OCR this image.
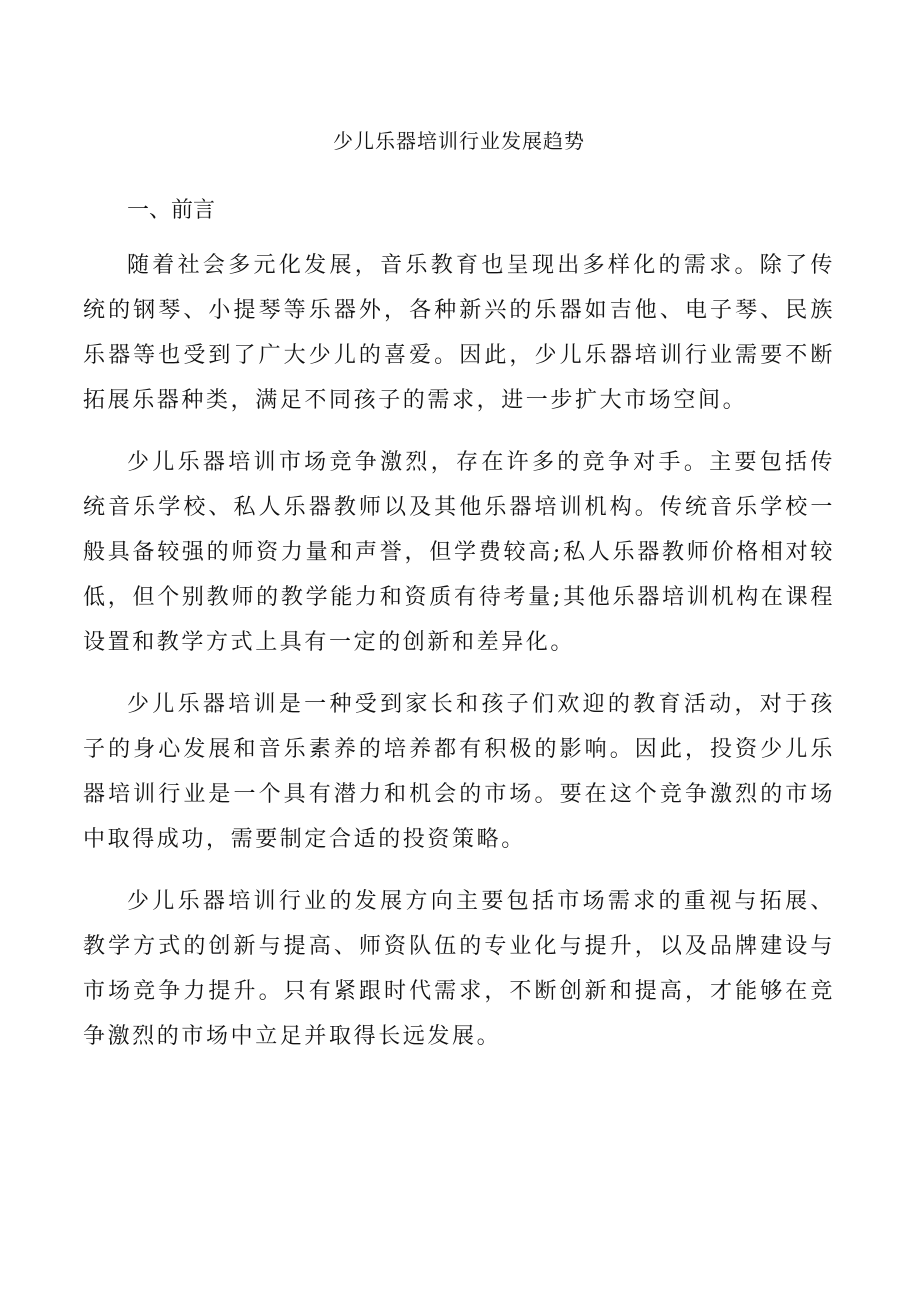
少儿乐器培训行业发展趋势
一、前言

随着社会多元化发展，音乐教育也呈现出多样化的需求。除了传统的钢琴、小提琴等乐器外，各种新兴的乐器如吉他、电子琴、民族乐器等也受到了广大少儿的喜爱。因此，少儿乐器培训行业需要不断拓展乐器种类，满足不同孩子的需求，进一步扩大市场空间。

少儿乐器培训市场竞争激烈，存在许多的竞争对手。主要包括传统音乐学校、私人乐器教师以及其他乐器培训机构。传统音乐学校一般具备较强的师资力量和声誉，但学费较高;私人乐器教师价格相对较低，但个别教师的教学能力和资质有待考量;其他乐器培训机构在课程设置和教学方式上具有一定的创新和差异化。

少儿乐器培训是一种受到家长和孩子们欢迎的教育活动，对于孩子的身心发展和音乐素养的培养都有积极的影响。因此，投资少儿乐器培训行业是一个具有潜力和机会的市场。要在这个竞争激烈的市场中取得成功，需要制定合适的投资策略。

少儿乐器培训行业的发展方向主要包括市场需求的重视与拓展、教学方式的创新与提高、师资队伍的专业化与提升，以及品牌建设与市场竞争力提升。只有紧跟时代需求，不断创新和提高，才能够在竞争激烈的市场中立足并取得长远发展。
